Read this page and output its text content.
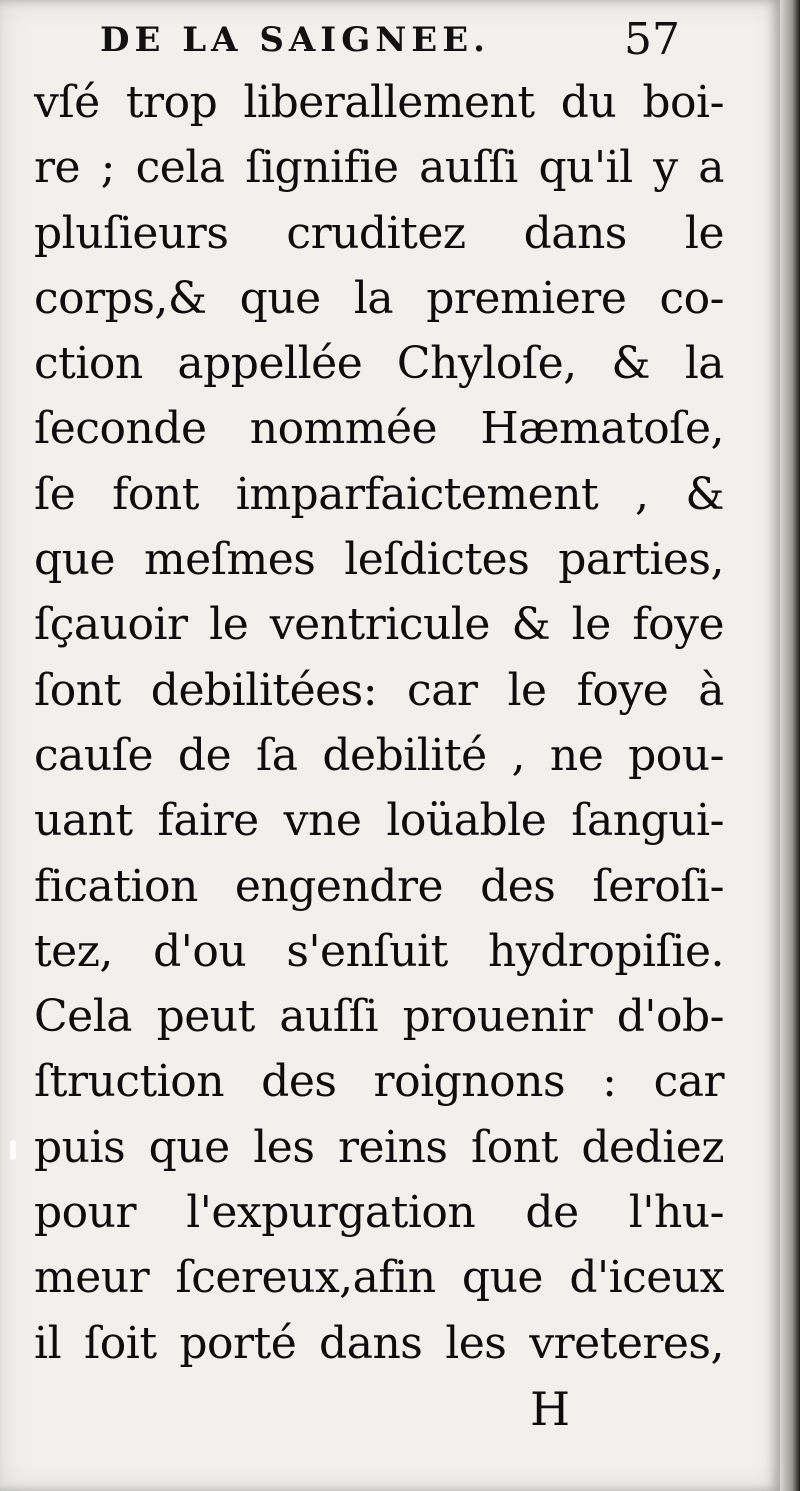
DE LA SAIGNEE.	57
vſé trop liberallement du boi-
re ; cela ſignifie auſſi qu'il y a
pluſieurs cruditez dans le
corps,& que la premiere co-
ction appellée Chyloſe, & la
ſeconde nommée Hæmatoſe,
ſe font imparfaictement , &
que meſmes leſdictes parties,
ſçauoir le ventricule & le foye
ſont debilitées: car le foye à
cauſe de ſa debilité , ne pou-
uant faire vne loüable ſangui-
fication engendre des ſeroſi-
tez, d'ou s'enſuit hydropiſie.
Cela peut auſſi prouenir d'ob-
ſtruction des roignons : car
puis que les reins ſont dediez
pour l'expurgation de l'hu-
meur ſcereux,afin que d'iceux
il ſoit porté dans les vreteres,
H
